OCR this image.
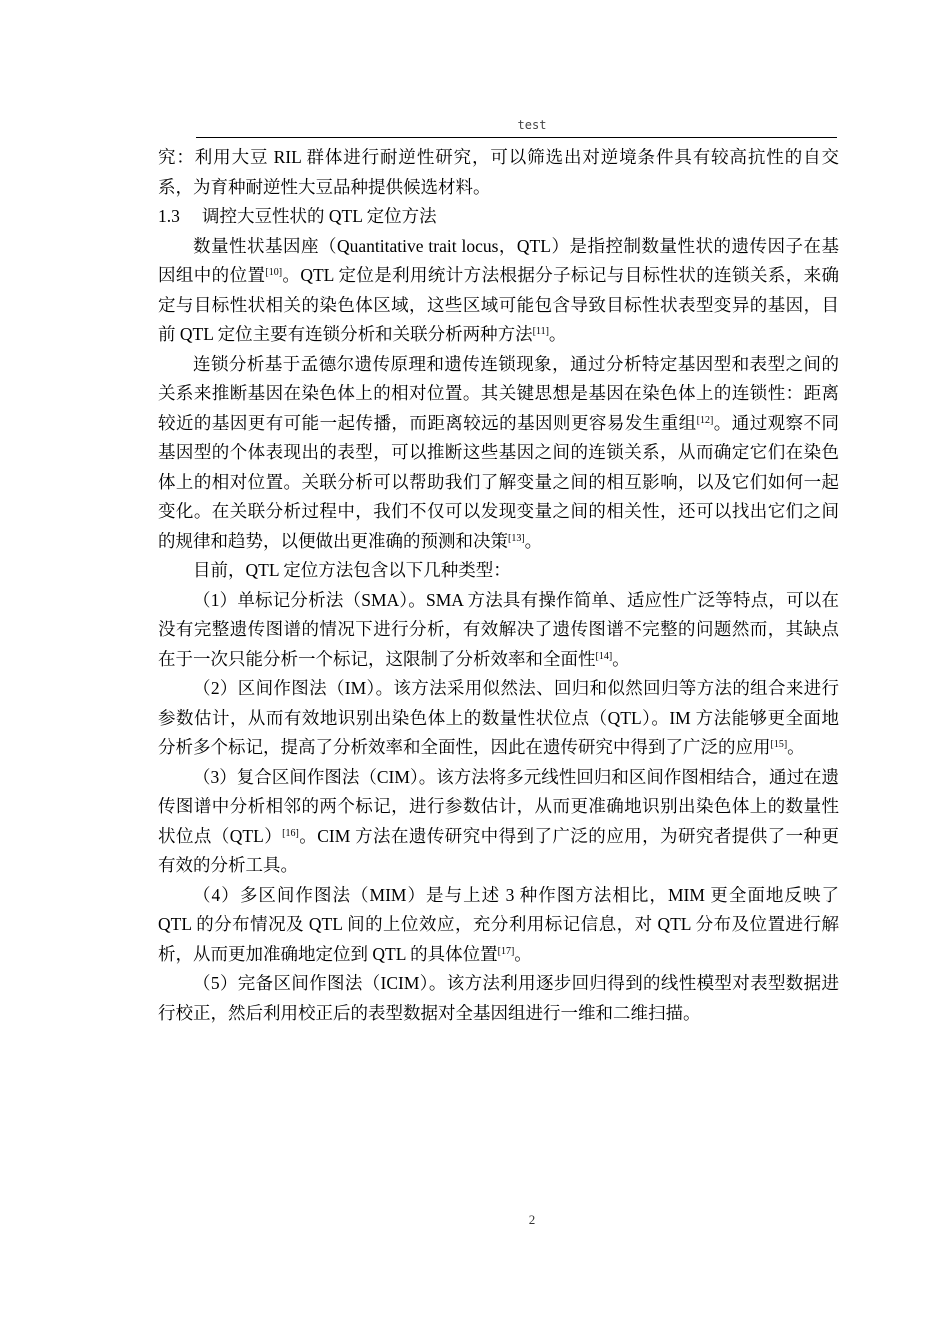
test

究：利用大豆 RIL 群体进行耐逆性研究，可以筛选出对逆境条件具有较高抗性的自交系，为育种耐逆性大豆品种提供候选材料。

1.3 调控大豆性状的 QTL 定位方法

数量性状基因座（Quantitative trait locus，QTL）是指控制数量性状的遗传因子在基因组中的位置[10]。QTL 定位是利用统计方法根据分子标记与目标性状的连锁关系，来确定与目标性状相关的染色体区域，这些区域可能包含导致目标性状表型变异的基因，目前 QTL 定位主要有连锁分析和关联分析两种方法[11]。

连锁分析基于孟德尔遗传原理和遗传连锁现象，通过分析特定基因型和表型之间的关系来推断基因在染色体上的相对位置。其关键思想是基因在染色体上的连锁性：距离较近的基因更有可能一起传播，而距离较远的基因则更容易发生重组[12]。通过观察不同基因型的个体表现出的表型，可以推断这些基因之间的连锁关系，从而确定它们在染色体上的相对位置。关联分析可以帮助我们了解变量之间的相互影响，以及它们如何一起变化。在关联分析过程中，我们不仅可以发现变量之间的相关性，还可以找出它们之间的规律和趋势，以便做出更准确的预测和决策[13]。

目前，QTL 定位方法包含以下几种类型：

（1）单标记分析法（SMA）。SMA 方法具有操作简单、适应性广泛等特点，可以在没有完整遗传图谱的情况下进行分析，有效解决了遗传图谱不完整的问题然而，其缺点在于一次只能分析一个标记，这限制了分析效率和全面性[14]。

（2）区间作图法（IM）。该方法采用似然法、回归和似然回归等方法的组合来进行参数估计，从而有效地识别出染色体上的数量性状位点（QTL）。IM 方法能够更全面地分析多个标记，提高了分析效率和全面性，因此在遗传研究中得到了广泛的应用[15]。

（3）复合区间作图法（CIM）。该方法将多元线性回归和区间作图相结合，通过在遗传图谱中分析相邻的两个标记，进行参数估计，从而更准确地识别出染色体上的数量性状位点（QTL）[16]。CIM 方法在遗传研究中得到了广泛的应用，为研究者提供了一种更有效的分析工具。

（4）多区间作图法（MIM）是与上述 3 种作图方法相比，MIM 更全面地反映了 QTL 的分布情况及 QTL 间的上位效应，充分利用标记信息，对 QTL 分布及位置进行解析，从而更加准确地定位到 QTL 的具体位置[17]。

（5）完备区间作图法（ICIM）。该方法利用逐步回归得到的线性模型对表型数据进行校正，然后利用校正后的表型数据对全基因组进行一维和二维扫描。

2
